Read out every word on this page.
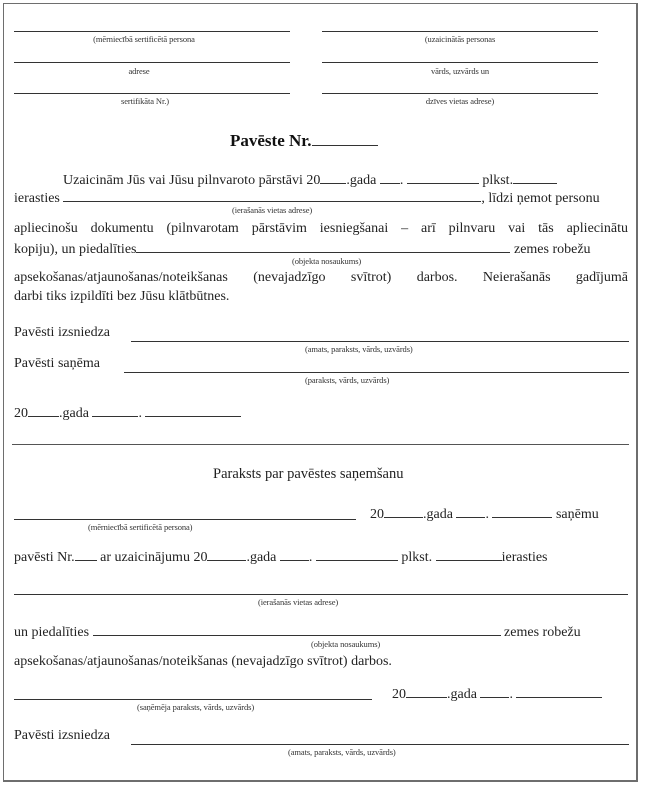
(mērniecībā sertificētā persona
adrese
sertifikāta Nr.)
(uzaicinātās personas
vārds, uzvārds un
dzīves vietas adrese)
Pavēste Nr.
Uzaicinām Jūs vai Jūsu pilnvaroto pārstāvi 20 .gada .	plkst.
ierasties	, līdzi ņemot personu
(ierašanās vietas adrese)
apliecinošu dokumentu (pilnvarotam pārstāvim iesniegšanai – arī pilnvaru vai tās apliecinātu
kopiju), un piedalīties	zemes robežu
(objekta nosaukums)
apsekošanas/atjaunošanas/noteikšanas (nevajadzīgo svītrot) darbos. Neierašanās gadījumā
darbi tiks izpildīti bez Jūsu klātbūtnes.
Pavēsti izsniedza
(amats, paraksts, vārds, uzvārds)
Pavēsti saņēma
(paraksts, vārds, uzvārds)
20 .gada	.
Paraksts par pavēstes saņemšanu
(mērniecībā sertificētā persona)
20	.gada .	saņēmu
pavēsti Nr. ar uzaicinājumu 20	.gada .	plkst.	ierasties
(ierašanās vietas adrese)
un piedalīties	zemes robežu
(objekta nosaukums)
apsekošanas/atjaunošanas/noteikšanas (nevajadzīgo svītrot) darbos.
(saņēmēja paraksts, vārds, uzvārds)
20	.gada .
Pavēsti izsniedza
(amats, paraksts, vārds, uzvārds)
